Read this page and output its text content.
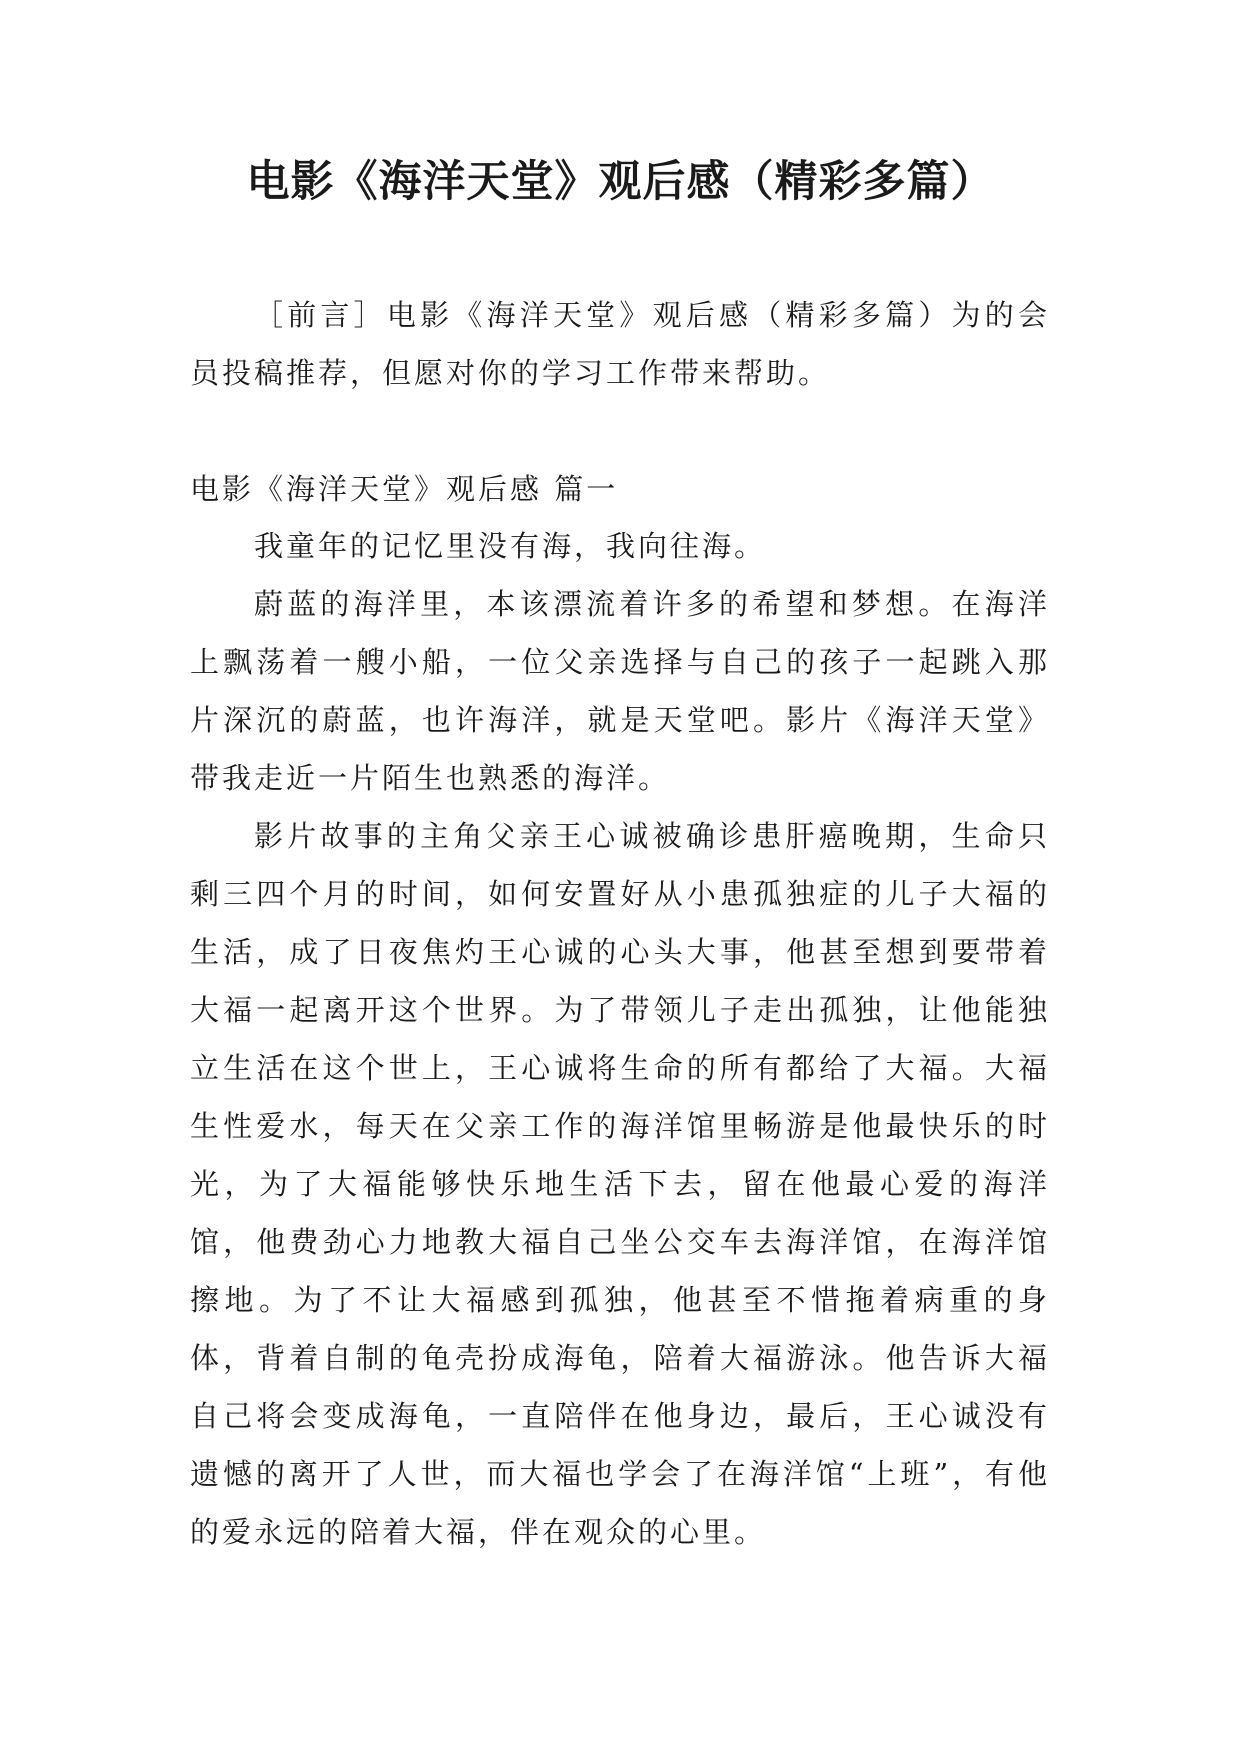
电影《海洋天堂》观后感（精彩多篇）

［前言］电影《海洋天堂》观后感（精彩多篇）为的会员投稿推荐，但愿对你的学习工作带来帮助。

电影《海洋天堂》观后感 篇一

我童年的记忆里没有海，我向往海。

蔚蓝的海洋里，本该漂流着许多的希望和梦想。在海洋上飘荡着一艘小船，一位父亲选择与自己的孩子一起跳入那片深沉的蔚蓝，也许海洋，就是天堂吧。影片《海洋天堂》带我走近一片陌生也熟悉的海洋。

影片故事的主角父亲王心诚被确诊患肝癌晚期，生命只剩三四个月的时间，如何安置好从小患孤独症的儿子大福的生活，成了日夜焦灼王心诚的心头大事，他甚至想到要带着大福一起离开这个世界。为了带领儿子走出孤独，让他能独立生活在这个世上，王心诚将生命的所有都给了大福。大福生性爱水，每天在父亲工作的海洋馆里畅游是他最快乐的时光，为了大福能够快乐地生活下去，留在他最心爱的海洋馆，他费劲心力地教大福自己坐公交车去海洋馆，在海洋馆擦地。为了不让大福感到孤独，他甚至不惜拖着病重的身体，背着自制的龟壳扮成海龟，陪着大福游泳。他告诉大福自己将会变成海龟，一直陪伴在他身边，最后，王心诚没有遗憾的离开了人世，而大福也学会了在海洋馆“上班”，有他的爱永远的陪着大福，伴在观众的心里。
